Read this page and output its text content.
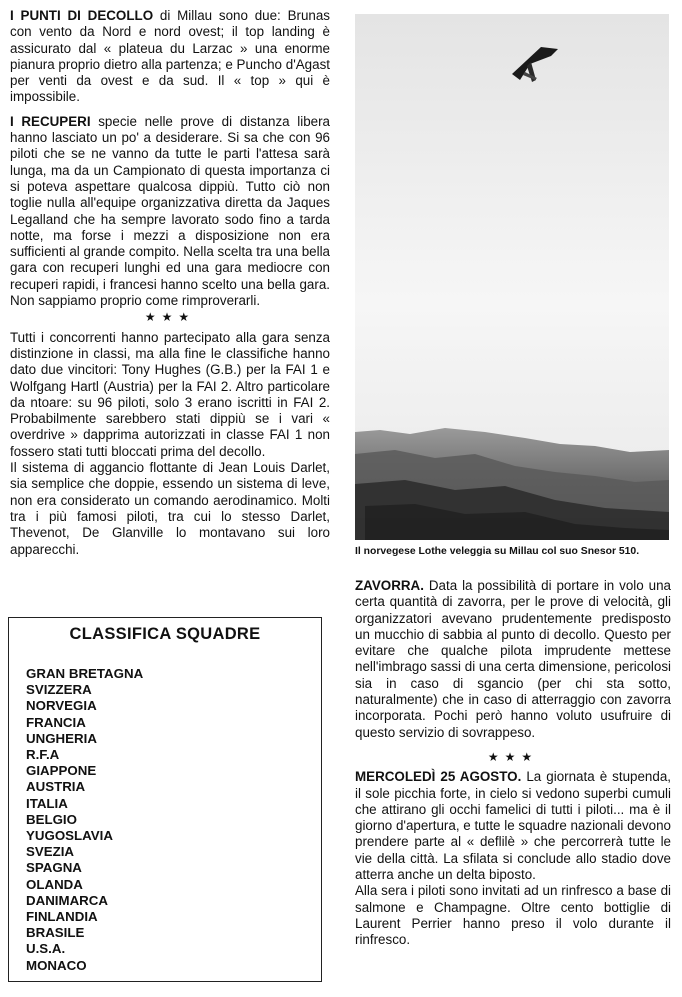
I PUNTI DI DECOLLO di Millau sono due: Brunas con vento da Nord e nord ovest; il top landing è assicurato dal « plateua du Larzac » una enorme pianura proprio dietro alla partenza; e Puncho d'Agast per venti da ovest e da sud. Il « top » qui è impossibile.

I RECUPERI specie nelle prove di distanza libera hanno lasciato un po' a desiderare. Si sa che con 96 piloti che se ne vanno da tutte le parti l'attesa sarà lunga, ma da un Campionato di questa importanza ci si poteva aspettare qualcosa dippiù. Tutto ciò non toglie nulla all'equipe organizzativa diretta da Jaques Legalland che ha sempre lavorato sodo fino a tarda notte, ma forse i mezzi a disposizione non era sufficienti al grande compito. Nella scelta tra una bella gara con recuperi lunghi ed una gara mediocre con recuperi rapidi, i francesi hanno scelto una bella gara. Non sappiamo proprio come rimproverarli.

★★★

Tutti i concorrenti hanno partecipato alla gara senza distinzione in classi, ma alla fine le classifiche hanno dato due vincitori: Tony Hughes (G.B.) per la FAI 1 e Wolfgang Hartl (Austria) per la FAI 2. Altro particolare da ntoare: su 96 piloti, solo 3 erano iscritti in FAI 2. Probabilmente sarebbero stati dippiù se i vari « overdrive » dapprima autorizzati in classe FAI 1 non fossero stati tutti bloccati prima del decollo.

Il sistema di aggancio flottante di Jean Louis Darlet, sia semplice che doppie, essendo un sistema di leve, non era considerato un comando aerodinamico. Molti tra i più famosi piloti, tra cui lo stesso Darlet, Thevenot, De Glanville lo montavano sui loro apparecchi.

CLASSIFICA SQUADRE
GRAN BRETAGNA
SVIZZERA
NORVEGIA
FRANCIA
UNGHERIA
R.F.A
GIAPPONE
AUSTRIA
ITALIA
BELGIO
YUGOSLAVIA
SVEZIA
SPAGNA
OLANDA
DANIMARCA
FINLANDIA
BRASILE
U.S.A.
MONACO
Il norvegese Lothe veleggia su Millau col suo Snesor 510.

ZAVORRA. Data la possibilità di portare in volo una certa quantità di zavorra, per le prove di velocità, gli organizzatori avevano prudentemente predisposto un mucchio di sabbia al punto di decollo. Questo per evitare che qualche pilota imprudente mettese nell'imbrago sassi di una certa dimensione, pericolosi sia in caso di sgancio (per chi sta sotto, naturalmente) che in caso di atterraggio con zavorra incorporata. Pochi però hanno voluto usufruire di questo servizio di sovrappeso.

★★★

MERCOLEDÌ 25 AGOSTO. La giornata è stupenda, il sole picchia forte, in cielo si vedono superbi cumuli che attirano gli occhi famelici di tutti i piloti... ma è il giorno d'apertura, e tutte le squadre nazionali devono prendere parte al « deflilè » che percorrerà tutte le vie della città. La sfilata si conclude allo stadio dove atterra anche un delta biposto.

Alla sera i piloti sono invitati ad un rinfresco a base di salmone e Champagne. Oltre cento bottiglie di Laurent Perrier hanno preso il volo durante il rinfresco.
